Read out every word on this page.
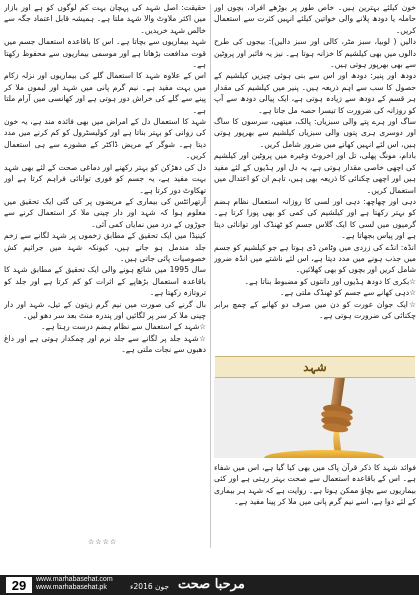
خون کیلئے بہترین ہیں۔ خاص طور پر بوڑھے افراد، بچوں اور حاملہ یا دودھ پلانے والی خواتین کیلئے انہیں کثرت سے استعمال کریں۔

دالیں ( لوبیا، سبز مٹر، کالی اور سبز دالیں): بیجوں کی طرح دالوں میں بھی کیلشیم کا خزانہ ہوتا ہے۔ نیز یہ فائبر اور پروٹین سے بھی بھرپور ہوتی ہیں۔

دودھ اور پنیر: دودھ اور اس سے بنی ہوئی چیزیں کیلشیم کے حصول کا سب سے اہم ذریعہ ہیں۔ پنیر میں کیلشیم کی مقدار ہر قسم کے دودھ سے زیادہ ہوتی ہے، ایک پیالی دودھ سے آپ کو روزانہ کی ضرورت کا تیسرا حصہ مل جاتا ہے۔

ساگ اور ہرے پتے والی سبزیاں: پالک، میتھی، سرسوں کا ساگ اور دوسری ہری پتوں والی سبزیاں کیلشیم سے بھرپور ہوتی ہیں، اس لئے انہیں کھانے میں ضرور شامل کریں۔

بادام، مونگ پھلی، تل اور اخروٹ وغیرہ میں پروٹین اور کیلشیم کی اچھی خاصی مقدار ہوتی ہے، یہ دل اور ہڈیوں کے لئے مفید ہیں اور اچھی چکنائی کا ذریعہ بھی ہیں، تاہم ان کو اعتدال میں استعمال کریں۔

دہی اور چھاچھ: دہی اور لسی کا روزانہ استعمال نظام ہضم کو بہتر رکھتا ہے اور کیلشیم کی کمی کو بھی پورا کرتا ہے۔ گرمیوں میں لسی کا ایک گلاس جسم کو ٹھنڈک اور توانائی دیتا ہے اور پیاس بجھاتا ہے۔

انڈہ: انڈے کی زردی میں وٹامن ڈی ہوتا ہے جو کیلشیم کو جسم میں جذب ہونے میں مدد دیتا ہے، اس لئے ناشتے میں انڈہ ضرور شامل کریں اور بچوں کو بھی کھلائیں۔

☆بکری کا دودھ ہڈیوں اور دانتوں کو مضبوط بناتا ہے۔

☆دہی کھانے سے جسم کو ٹھنڈک ملتی ہے۔

☆ایک جوان عورت کو دن میں صرف دو کھانے کے چمچ برابر چکنائی کی ضرورت ہوتی ہے۔

شہد

فوائد شہد کا ذکر قرآن پاک میں بھی کیا گیا ہے، اس میں شفاء ہے۔ اس کے باقاعدہ استعمال سے صحت بہتر رہتی ہے اور کئی بیماریوں سے بچاؤ ممکن ہوتا ہے۔ روایت ہے کہ شہد ہر بیماری کے لئے دوا ہے، اسے نیم گرم پانی میں ملا کر پینا مفید ہے۔

حقیقت: اصل شہد کی پہچان بہت کم لوگوں کو ہے اور بازار میں اکثر ملاوٹ والا شہد ملتا ہے۔ ہمیشہ قابل اعتماد جگہ سے خالص شہد خریدیں۔

شہد بیماریوں سے بچاتا ہے۔ اس کا باقاعدہ استعمال جسم میں قوت مدافعت بڑھاتا ہے اور موسمی بیماریوں سے محفوظ رکھتا ہے۔

اس کے علاوہ شہد کا استعمال گلے کی بیماریوں اور نزلہ زکام میں بہت مفید ہے۔ نیم گرم پانی میں شہد اور لیموں ملا کر پینے سے گلے کی خراش دور ہوتی ہے اور کھانسی میں آرام ملتا ہے۔

شہد کا استعمال دل کے امراض میں بھی فائدہ مند ہے، یہ خون کی روانی کو بہتر بناتا ہے اور کولیسٹرول کو کم کرنے میں مدد دیتا ہے۔ شوگر کے مریض ڈاکٹر کے مشورے سے ہی استعمال کریں۔

دل کی دھڑکن کو بہتر رکھنے اور دماغی صحت کے لئے بھی شہد بہت مفید ہے، یہ جسم کو فوری توانائی فراہم کرتا ہے اور تھکاوٹ دور کرتا ہے۔

آرتھرائٹس کی بیماری کے مریضوں پر کی گئی ایک تحقیق میں معلوم ہوا کہ شہد اور دار چینی ملا کر استعمال کرنے سے جوڑوں کے درد میں نمایاں کمی آئی۔

کینیڈا میں ایک تحقیق کے مطابق زخموں پر شہد لگانے سے زخم جلد مندمل ہو جاتے ہیں، کیونکہ شہد میں جراثیم کش خصوصیات پائی جاتی ہیں۔

سال 1995 میں شائع ہونے والی ایک تحقیق کے مطابق شہد کا باقاعدہ استعمال بڑھاپے کے اثرات کو کم کرتا ہے اور جلد کو تروتازہ رکھتا ہے۔

بال گرنے کی صورت میں نیم گرم زیتون کے تیل، شہد اور دار چینی ملا کر سر پر لگائیں اور پندرہ منٹ بعد سر دھو لیں۔

☆شہد کے استعمال سے نظام ہضم درست رہتا ہے۔

☆شہد جلد پر لگانے سے جلد نرم اور چمکدار ہوتی ہے اور داغ دھبوں سے نجات ملتی ہے۔

☆☆☆☆
29	www.marhabasehat.com
www.marhabasehat.pk	جون 2016ء مرحبا صحت
